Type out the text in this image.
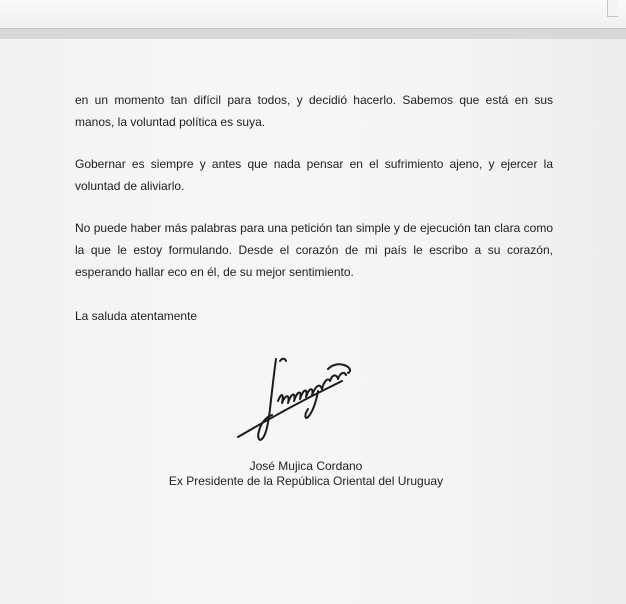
en un momento tan difícil para todos, y decidió hacerlo. Sabemos que está en sus manos, la voluntad política es suya.

Gobernar es siempre y antes que nada pensar en el sufrimiento ajeno, y ejercer la voluntad de aliviarlo.

No puede haber más palabras para una petición tan simple y de ejecución tan clara como la que le estoy formulando. Desde el corazón de mi país le escribo a su corazón, esperando hallar eco en él, de su mejor sentimiento.

La saluda atentamente

José Mujica Cordano
Ex Presidente de la República Oriental del Uruguay
